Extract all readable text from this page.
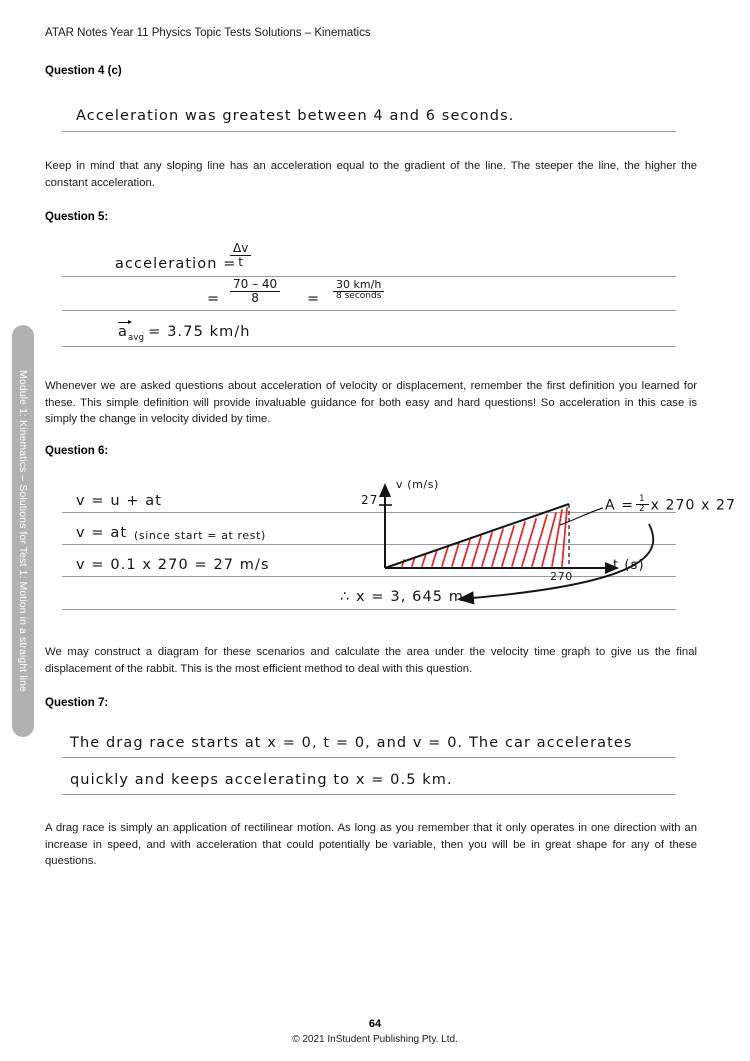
Module 1: Kinematics – Solutions for Test 1: Motion in a straight line
ATAR Notes Year 11 Physics Topic Tests Solutions – Kinematics
Question 4 (c)
Acceleration was greatest between 4 and 6 seconds.
Keep in mind that any sloping line has an acceleration equal to the gradient of the line. The steeper the line, the higher the constant acceleration.
Question 5:
acceleration =
$\frac{\Delta v}{t}$
= $\frac{70 - 40}{8} = \frac{30 km/h}{\text{8 seconds}}$
$a_{avg} = 3.75$ km/h
Whenever we are asked questions about acceleration of velocity or displacement, remember the first definition you learned for these. This simple definition will provide invaluable guidance for both easy and hard questions! So acceleration in this case is simply the change in velocity divided by time.
Question 6:
v = u + at
v = at (since start = at rest)
v = 0.1 x 270 = 27 m/s
∴ x = 3, 645 m
v (m/s)
27
270
t (s)
$A = \frac{1}{2}$ x 270 x 27
We may construct a diagram for these scenarios and calculate the area under the velocity time graph to give us the final displacement of the rabbit. This is the most efficient method to deal with this question.
Question 7:
The drag race starts at x = 0, t = 0, and v = 0. The car accelerates
quickly and keeps accelerating to x = 0.5 km.
A drag race is simply an application of rectilinear motion. As long as you remember that it only operates in one direction with an increase in speed, and with acceleration that could potentially be variable, then you will be in great shape for any of these questions.
64
© 2021 InStudent Publishing Pty. Ltd.
